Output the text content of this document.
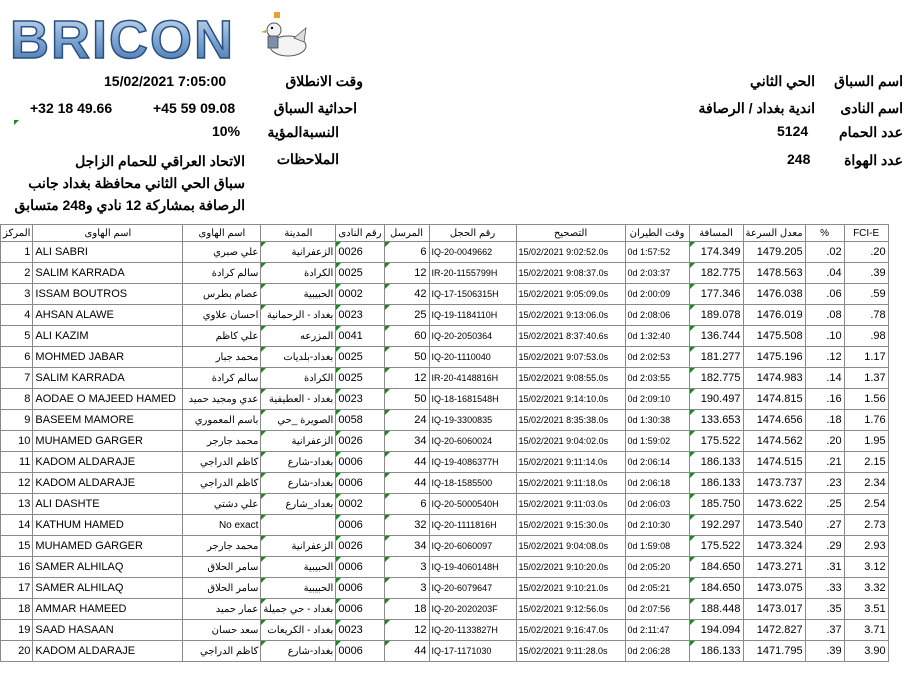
BRICON
اسم السباق
الحي الثاني
اسم النادى
اندية بغداد / الرصافة
عدد الحمام
5124
عدد الهواة
248
وقت الانطلاق
15/02/2021 7:05:00
احداثية السباق
+45 59 09.08
+32 18 49.66
النسبةالمؤية
10%
الملاحظات
الاتحاد العراقي للحمام الزاجل
سباق الحي الثاني محافظة بغداد جانب
الرصافة بمشاركة 12 نادي و248 متسابق
المركز	اسم الهاوى	اسم الهاوى	المدينة	رقم النادى	المرسل	رقم الحجل	التصحيح	وقت الطيران	المسافة	معدل السرعة	%	FCI-E
1	ALI SABRI	علي صبري	الزعفرانية	0026	6	IQ-20-0049662	15/02/2021 9:02:52.0s	0d 1:57:52	174.349	1479.205	.02	.20
2	SALIM KARRADA	سالم كرادة	الكرادة	0025	12	IR-20-1155799H	15/02/2021 9:08:37.0s	0d 2:03:37	182.775	1478.563	.04	.39
3	ISSAM BOUTROS	عصام بطرس	الحبيبية	0002	42	IQ-17-1506315H	15/02/2021 9:05:09.0s	0d 2:00:09	177.346	1476.038	.06	.59
4	AHSAN ALAWE	احسان علاوي	بغداد - الرحمانية	0023	25	IQ-19-1184110H	15/02/2021 9:13:06.0s	0d 2:08:06	189.078	1476.019	.08	.78
5	ALI KAZIM	علي كاظم	المزرعه	0041	60	IQ-20-2050364	15/02/2021 8:37:40.6s	0d 1:32:40	136.744	1475.508	.10	.98
6	MOHMED JABAR	محمد جبار	بغداد-بلديات	0025	50	IQ-20-1110040	15/02/2021 9:07:53.0s	0d 2:02:53	181.277	1475.196	.12	1.17
7	SALIM KARRADA	سالم كرادة	الكرادة	0025	12	IR-20-4148816H	15/02/2021 9:08:55.0s	0d 2:03:55	182.775	1474.983	.14	1.37
8	AODAE O MAJEED HAMED	عدي ومجيد حميد	بغداد - العطيفية	0023	50	IQ-18-1681548H	15/02/2021 9:14:10.0s	0d 2:09:10	190.497	1474.815	.16	1.56
9	BASEEM MAMORE	باسم المعموري	الصويرة _حي	0058	24	IQ-19-3300835	15/02/2021 8:35:38.0s	0d 1:30:38	133.653	1474.656	.18	1.76
10	MUHAMED GARGER	محمد جارجر	الزعفرانية	0026	34	IQ-20-6060024	15/02/2021 9:04:02.0s	0d 1:59:02	175.522	1474.562	.20	1.95
11	KADOM ALDARAJE	كاظم الدراجي	بغداد-شارع	0006	44	IQ-19-4086377H	15/02/2021 9:11:14.0s	0d 2:06:14	186.133	1474.515	.21	2.15
12	KADOM ALDARAJE	كاظم الدراجي	بغداد-شارع	0006	44	IQ-18-1585500	15/02/2021 9:11:18.0s	0d 2:06:18	186.133	1473.737	.23	2.34
13	ALI DASHTE	علي دشتي	بغداد_شارع	0002	6	IQ-20-5000540H	15/02/2021 9:11:03.0s	0d 2:06:03	185.750	1473.622	.25	2.54
14	KATHUM HAMED	No exact		0006	32	IQ-20-1111816H	15/02/2021 9:15:30.0s	0d 2:10:30	192.297	1473.540	.27	2.73
15	MUHAMED GARGER	محمد جارجر	الزعفرانية	0026	34	IQ-20-6060097	15/02/2021 9:04:08.0s	0d 1:59:08	175.522	1473.324	.29	2.93
16	SAMER ALHILAQ	سامر الحلاق	الحبيبية	0006	3	IQ-19-4060148H	15/02/2021 9:10:20.0s	0d 2:05:20	184.650	1473.271	.31	3.12
17	SAMER ALHILAQ	سامر الحلاق	الحبيبية	0006	3	IQ-20-6079647	15/02/2021 9:10:21.0s	0d 2:05:21	184.650	1473.075	.33	3.32
18	AMMAR HAMEED	عمار حميد	بغداد - حي جميلة	0006	18	IQ-20-2020203F	15/02/2021 9:12:56.0s	0d 2:07:56	188.448	1473.017	.35	3.51
19	SAAD HASAAN	سعد حسان	بغداد - الكريعات	0023	12	IQ-20-1133827H	15/02/2021 9:16:47.0s	0d 2:11:47	194.094	1472.827	.37	3.71
20	KADOM ALDARAJE	كاظم الدراجي	بغداد-شارع	0006	44	IQ-17-1171030	15/02/2021 9:11:28.0s	0d 2:06:28	186.133	1471.795	.39	3.90
